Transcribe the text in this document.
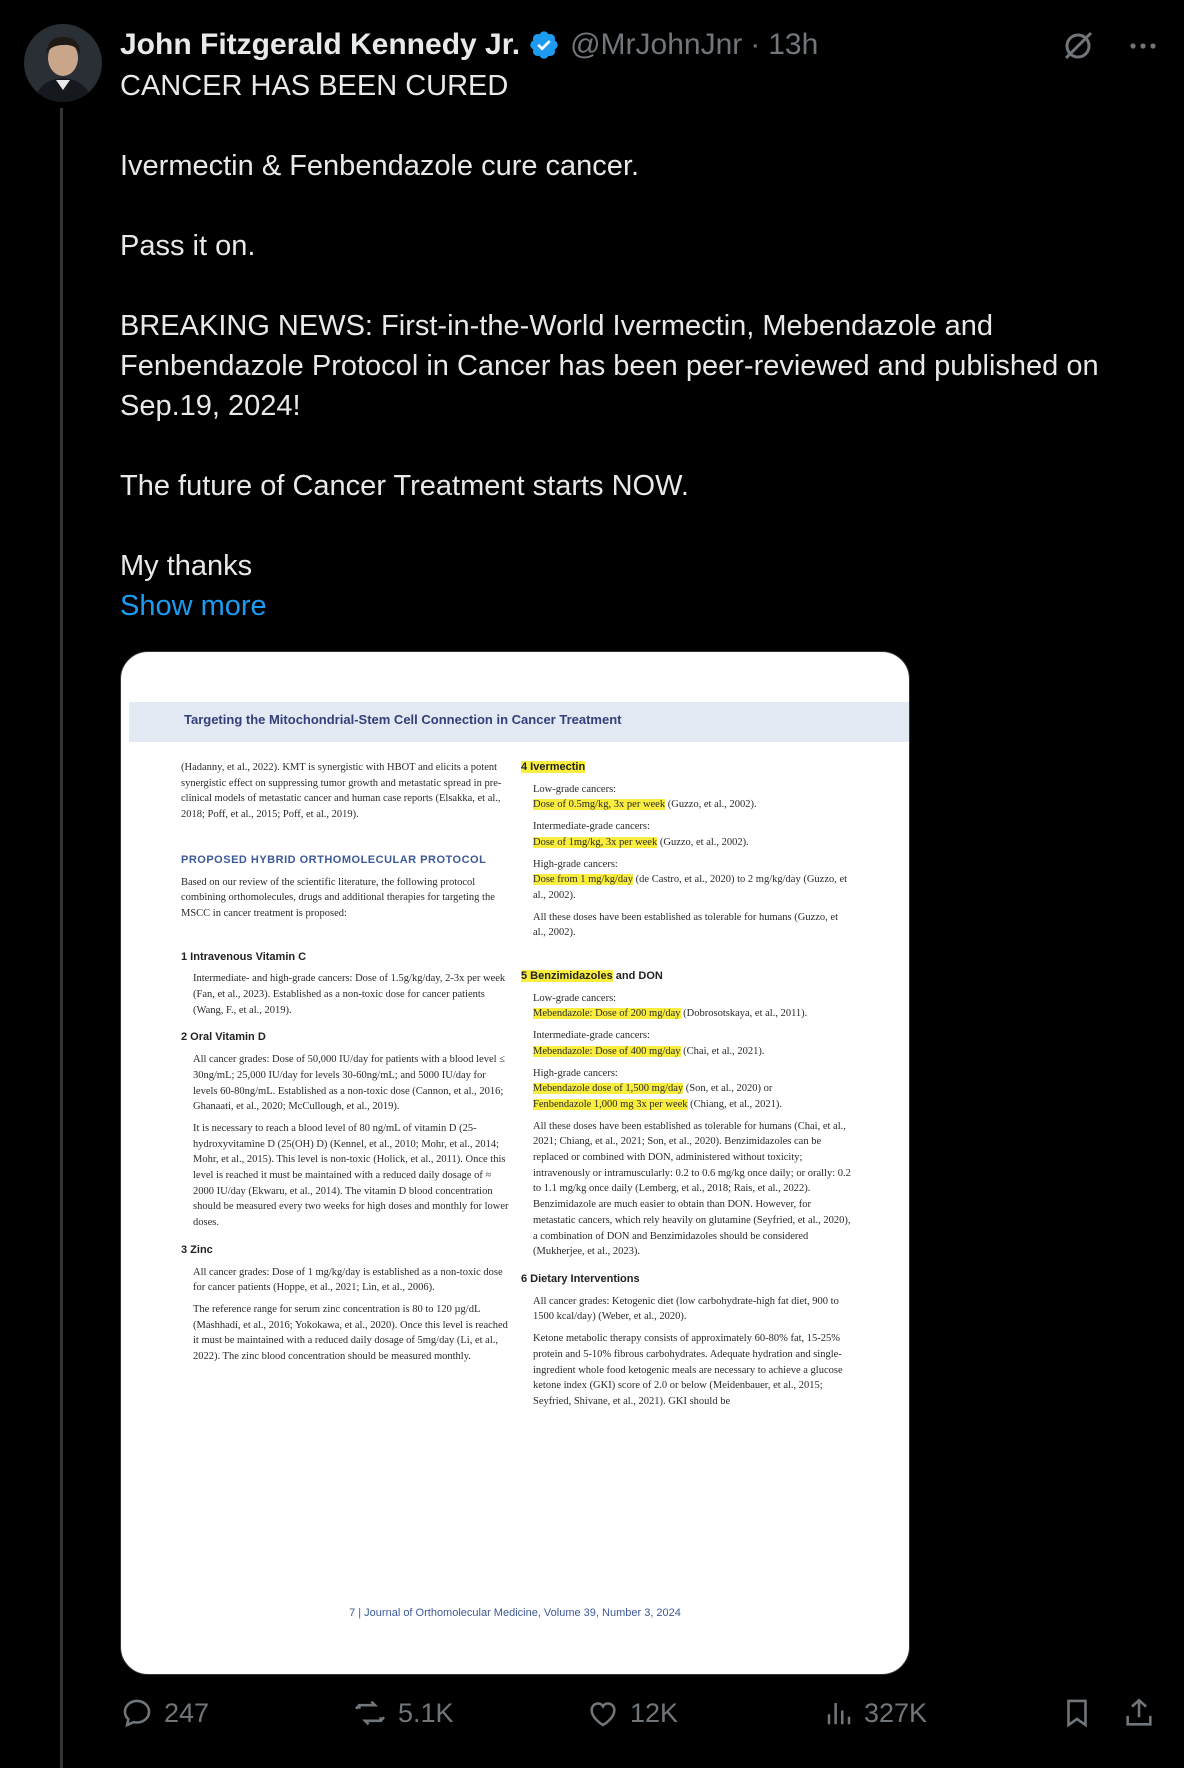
John Fitzgerald Kennedy Jr. @MrJohnJnr · 13h

CANCER HAS BEEN CURED

Ivermectin & Fenbendazole cure cancer.

Pass it on.

BREAKING NEWS: First-in-the-World Ivermectin, Mebendazole and Fenbendazole Protocol in Cancer has been peer-reviewed and published on Sep.19, 2024!

The future of Cancer Treatment starts NOW.

My thanks

Show more

Targeting the Mitochondrial-Stem Cell Connection in Cancer Treatment

(Hadanny, et al., 2022). KMT is synergistic with HBOT and elicits a potent synergistic effect on suppressing tumor growth and metastatic spread in pre-clinical models of metastatic cancer and human case reports (Elsakka, et al., 2018; Poff, et al., 2015; Poff, et al., 2019).

PROPOSED HYBRID ORTHOMOLECULAR PROTOCOL

Based on our review of the scientific literature, the following protocol combining orthomolecules, drugs and additional therapies for targeting the MSCC in cancer treatment is proposed:

1 Intravenous Vitamin C

Intermediate- and high-grade cancers: Dose of 1.5g/kg/day, 2-3x per week (Fan, et al., 2023). Established as a non-toxic dose for cancer patients (Wang, F., et al., 2019).

2 Oral Vitamin D

All cancer grades: Dose of 50,000 IU/day for patients with a blood level ≤ 30ng/mL; 25,000 IU/day for levels 30-60ng/mL; and 5000 IU/day for levels 60-80ng/mL. Established as a non-toxic dose (Cannon, et al., 2016; Ghanaati, et al., 2020; McCullough, et al., 2019).

It is necessary to reach a blood level of 80 ng/mL of vitamin D (25-hydroxyvitamine D (25(OH) D) (Kennel, et al., 2010; Mohr, et al., 2014; Mohr, et al., 2015). This level is non-toxic (Holick, et al., 2011). Once this level is reached it must be maintained with a reduced daily dosage of ≈ 2000 IU/day (Ekwaru, et al., 2014). The vitamin D blood concentration should be measured every two weeks for high doses and monthly for lower doses.

3 Zinc

All cancer grades: Dose of 1 mg/kg/day is established as a non-toxic dose for cancer patients (Hoppe, et al., 2021; Lin, et al., 2006).

The reference range for serum zinc concentration is 80 to 120 µg/dL (Mashhadi, et al., 2016; Yokokawa, et al., 2020). Once this level is reached it must be maintained with a reduced daily dosage of 5mg/day (Li, et al., 2022). The zinc blood concentration should be measured monthly.

4 Ivermectin

Low-grade cancers:
Dose of 0.5mg/kg, 3x per week (Guzzo, et al., 2002).

Intermediate-grade cancers:
Dose of 1mg/kg, 3x per week (Guzzo, et al., 2002).

High-grade cancers:
Dose from 1 mg/kg/day (de Castro, et al., 2020) to 2 mg/kg/day (Guzzo, et al., 2002).

All these doses have been established as tolerable for humans (Guzzo, et al., 2002).

5 Benzimidazoles and DON

Low-grade cancers:
Mebendazole: Dose of 200 mg/day (Dobrosotskaya, et al., 2011).

Intermediate-grade cancers:
Mebendazole: Dose of 400 mg/day (Chai, et al., 2021).

High-grade cancers:
Mebendazole dose of 1,500 mg/day (Son, et al., 2020) or
Fenbendazole 1,000 mg 3x per week (Chiang, et al., 2021).

All these doses have been established as tolerable for humans (Chai, et al., 2021; Chiang, et al., 2021; Son, et al., 2020). Benzimidazoles can be replaced or combined with DON, administered without toxicity; intravenously or intramuscularly: 0.2 to 0.6 mg/kg once daily; or orally: 0.2 to 1.1 mg/kg once daily (Lemberg, et al., 2018; Rais, et al., 2022). Benzimidazole are much easier to obtain than DON. However, for metastatic cancers, which rely heavily on glutamine (Seyfried, et al., 2020), a combination of DON and Benzimidazoles should be considered (Mukherjee, et al., 2023).

6 Dietary Interventions

All cancer grades: Ketogenic diet (low carbohydrate-high fat diet, 900 to 1500 kcal/day) (Weber, et al., 2020).

Ketone metabolic therapy consists of approximately 60-80% fat, 15-25% protein and 5-10% fibrous carbohydrates. Adequate hydration and single-ingredient whole food ketogenic meals are necessary to achieve a glucose ketone index (GKI) score of 2.0 or below (Meidenbauer, et al., 2015; Seyfried, Shivane, et al., 2021). GKI should be

7 | Journal of Orthomolecular Medicine, Volume 39, Number 3, 2024
247	5.1K	12K	327K
